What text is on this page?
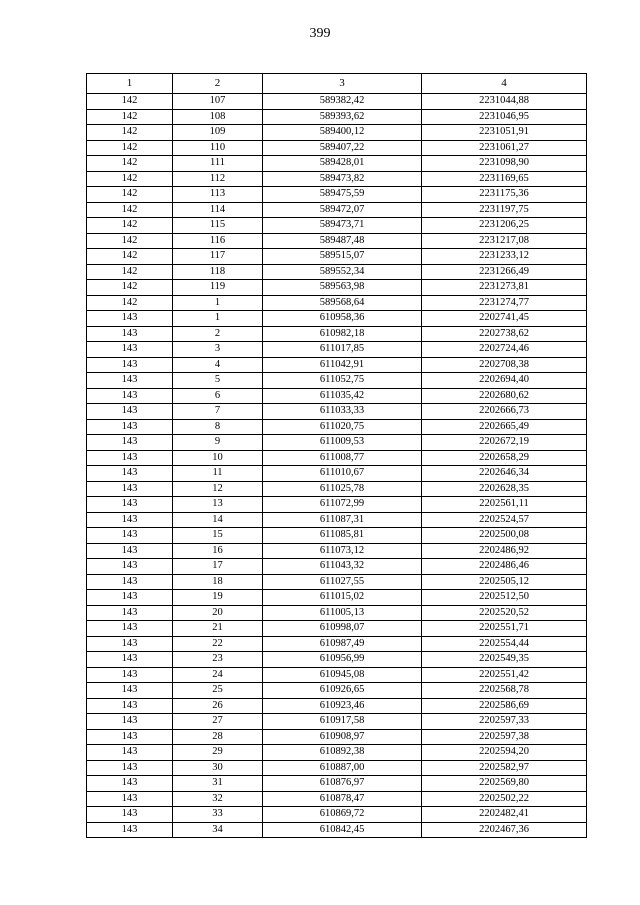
399
1	2	3	4
142	107	589382,42	2231044,88
142	108	589393,62	2231046,95
142	109	589400,12	2231051,91
142	110	589407,22	2231061,27
142	111	589428,01	2231098,90
142	112	589473,82	2231169,65
142	113	589475,59	2231175,36
142	114	589472,07	2231197,75
142	115	589473,71	2231206,25
142	116	589487,48	2231217,08
142	117	589515,07	2231233,12
142	118	589552,34	2231266,49
142	119	589563,98	2231273,81
142	1	589568,64	2231274,77
143	1	610958,36	2202741,45
143	2	610982,18	2202738,62
143	3	611017,85	2202724,46
143	4	611042,91	2202708,38
143	5	611052,75	2202694,40
143	6	611035,42	2202680,62
143	7	611033,33	2202666,73
143	8	611020,75	2202665,49
143	9	611009,53	2202672,19
143	10	611008,77	2202658,29
143	11	611010,67	2202646,34
143	12	611025,78	2202628,35
143	13	611072,99	2202561,11
143	14	611087,31	2202524,57
143	15	611085,81	2202500,08
143	16	611073,12	2202486,92
143	17	611043,32	2202486,46
143	18	611027,55	2202505,12
143	19	611015,02	2202512,50
143	20	611005,13	2202520,52
143	21	610998,07	2202551,71
143	22	610987,49	2202554,44
143	23	610956,99	2202549,35
143	24	610945,08	2202551,42
143	25	610926,65	2202568,78
143	26	610923,46	2202586,69
143	27	610917,58	2202597,33
143	28	610908,97	2202597,38
143	29	610892,38	2202594,20
143	30	610887,00	2202582,97
143	31	610876,97	2202569,80
143	32	610878,47	2202502,22
143	33	610869,72	2202482,41
143	34	610842,45	2202467,36
